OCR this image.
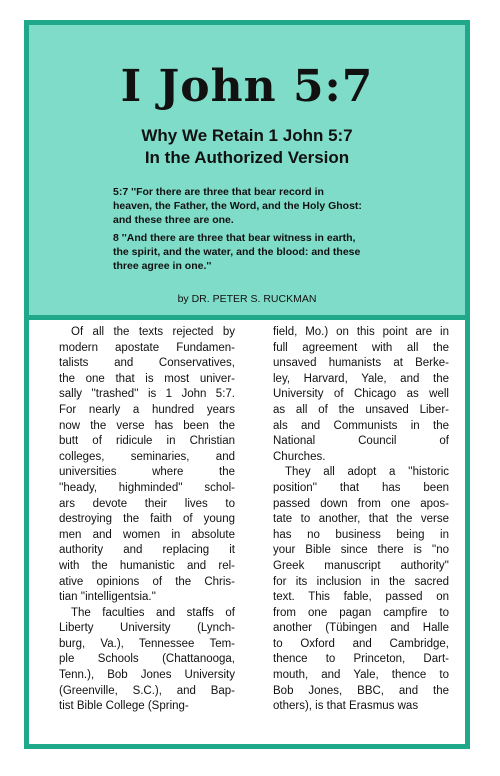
I John 5:7
Why We Retain 1 John 5:7
In the Authorized Version
5:7 ''For there are three that bear record in
heaven, the Father, the Word, and the Holy Ghost:
and these three are one.
8 ''And there are three that bear witness in earth,
the spirit, and the water, and the blood: and these
three agree in one.''
by DR. PETER S. RUCKMAN
Of all the texts rejected by
modern apostate Fundamen-
talists and Conservatives,
the one that is most univer-
sally ''trashed'' is 1 John 5:7.
For nearly a hundred years
now the verse has been the
butt of ridicule in Christian
colleges, seminaries, and
universities where the
''heady, highminded'' schol-
ars devote their lives to
destroying the faith of young
men and women in absolute
authority and replacing it
with the humanistic and rel-
ative opinions of the Chris-
tian ''intelligentsia.''
The faculties and staffs of
Liberty University (Lynch-
burg, Va.), Tennessee Tem-
ple Schools (Chattanooga,
Tenn.), Bob Jones University
(Greenville, S.C.), and Bap-
tist Bible College (Spring-
field, Mo.) on this point are in
full agreement with all the
unsaved humanists at Berke-
ley, Harvard, Yale, and the
University of Chicago as well
as all of the unsaved Liber-
als and Communists in the
National Council of
Churches.
They all adopt a ''historic
position'' that has been
passed down from one apos-
tate to another, that the verse
has no business being in
your Bible since there is ''no
Greek manuscript authority''
for its inclusion in the sacred
text. This fable, passed on
from one pagan campfire to
another (Tübingen and Halle
to Oxford and Cambridge,
thence to Princeton, Dart-
mouth, and Yale, thence to
Bob Jones, BBC, and the
others), is that Erasmus was
